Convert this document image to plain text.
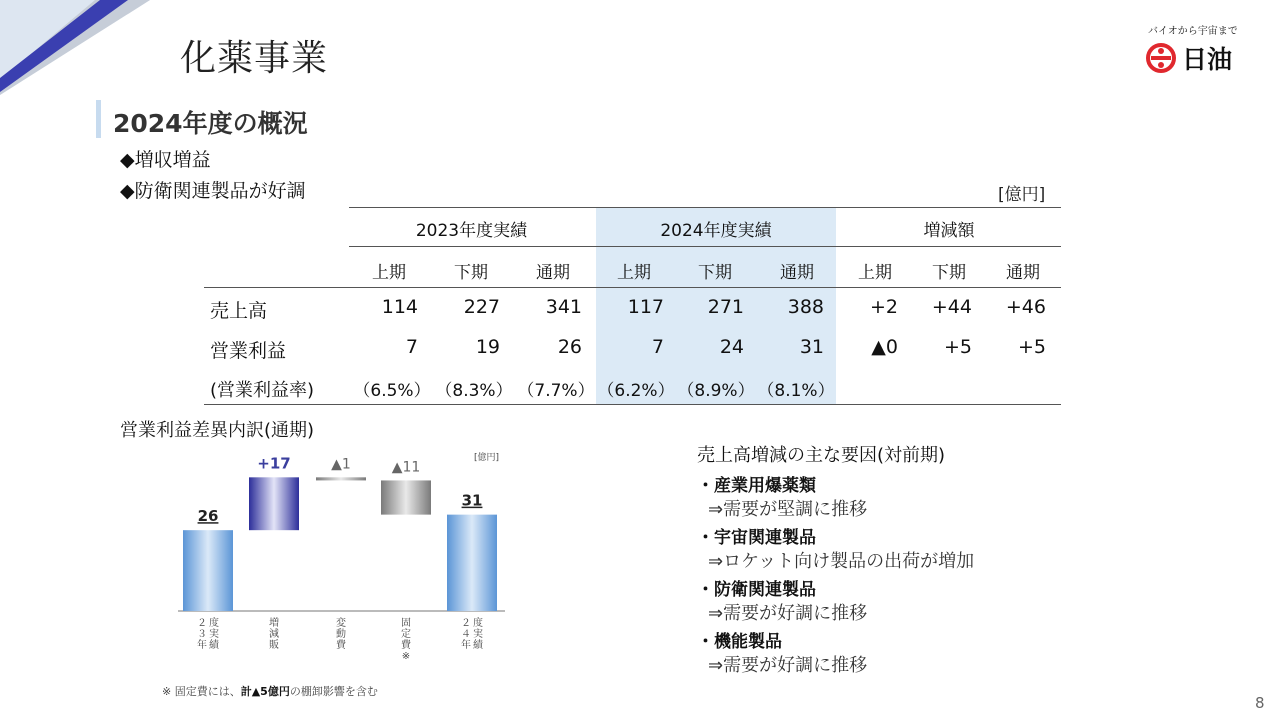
化薬事業
バイオから宇宙まで
日油
2024年度の概況
◆増収増益
◆防衛関連製品が好調	[億円]
2023年度実績	2024年度実績	増減額
上期	下期	通期	上期	下期	通期	上期	下期	通期
売上高	114	227	341	117	271	388	+2	+44	+46
営業利益	7	19	26	7	24	31	▲0	+5	+5
(営業利益率) （6.5%） （8.3%） （7.7%） （6.2%） （8.9%） （8.1%）
営業利益差異内訳(通期)
[億円]
26
２３年度実績
+17
増減販
▲1
変動費
▲11
固定費※
31
２４年度実績
売上高増減の主な要因(対前期)
・産業用爆薬類
⇒需要が堅調に推移
・宇宙関連製品
⇒ロケット向け製品の出荷が増加
・防衛関連製品
⇒需要が好調に推移
・機能製品
⇒需要が好調に推移
※ 固定費には、計▲5億円の棚卸影響を含む
8
